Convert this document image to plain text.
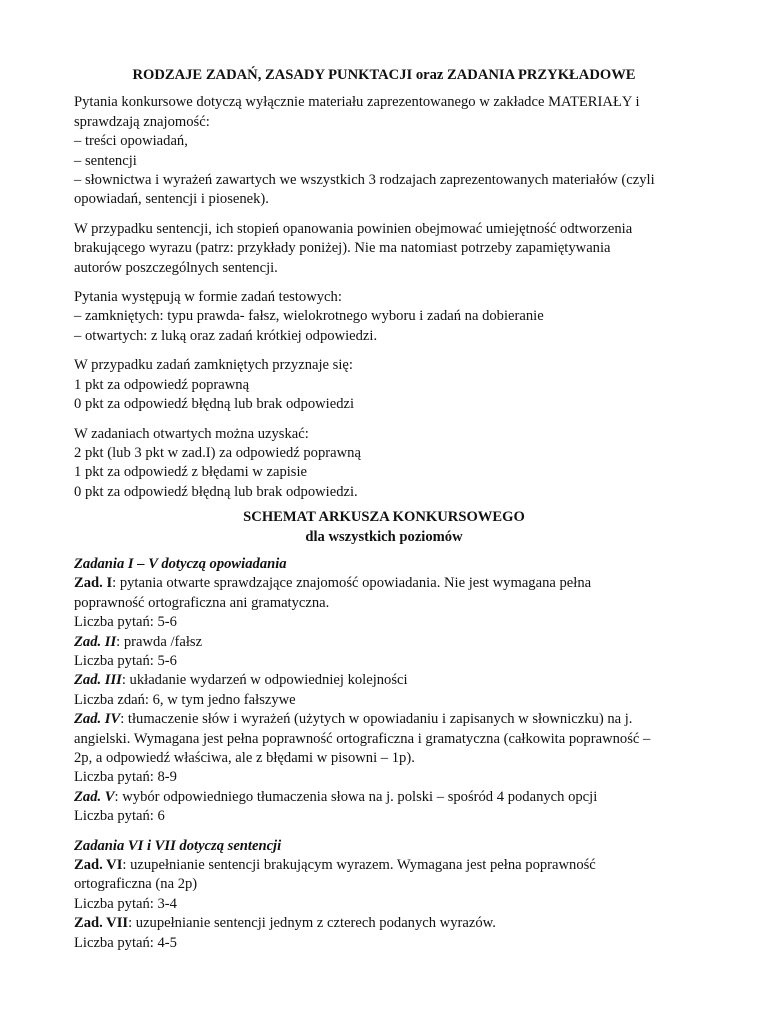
RODZAJE ZADAŃ, ZASADY PUNKTACJI oraz ZADANIA PRZYKŁADOWE
Pytania konkursowe dotyczą wyłącznie materiału zaprezentowanego w zakładce MATERIAŁY i
sprawdzają znajomość:
– treści opowiadań,
– sentencji
– słownictwa i wyrażeń zawartych we wszystkich 3 rodzajach zaprezentowanych materiałów (czyli
opowiadań, sentencji i piosenek).
W przypadku sentencji, ich stopień opanowania powinien obejmować umiejętność odtworzenia
brakującego wyrazu (patrz: przykłady poniżej). Nie ma natomiast potrzeby zapamiętywania
autorów poszczególnych sentencji.
Pytania występują w formie zadań testowych:
– zamkniętych: typu prawda- fałsz, wielokrotnego wyboru i zadań na dobieranie
– otwartych: z luką oraz zadań krótkiej odpowiedzi.
W przypadku zadań zamkniętych przyznaje się:
1 pkt za odpowiedź poprawną
0 pkt za odpowiedź błędną lub brak odpowiedzi
W zadaniach otwartych można uzyskać:
2 pkt (lub 3 pkt w zad.I) za odpowiedź poprawną
1 pkt za odpowiedź z błędami w zapisie
0 pkt za odpowiedź błędną lub brak odpowiedzi.
SCHEMAT ARKUSZA KONKURSOWEGO
dla wszystkich poziomów
Zadania I – V dotyczą opowiadania
Zad. I: pytania otwarte sprawdzające znajomość opowiadania. Nie jest wymagana pełna
poprawność ortograficzna ani gramatyczna.
Liczba pytań: 5-6
Zad. II: prawda /fałsz
Liczba pytań: 5-6
Zad. III: układanie wydarzeń w odpowiedniej kolejności
Liczba zdań: 6, w tym jedno fałszywe
Zad. IV: tłumaczenie słów i wyrażeń (użytych w opowiadaniu i zapisanych w słowniczku) na j.
angielski. Wymagana jest pełna poprawność ortograficzna i gramatyczna (całkowita poprawność –
2p, a odpowiedź właściwa, ale z błędami w pisowni – 1p).
Liczba pytań: 8-9
Zad. V: wybór odpowiedniego tłumaczenia słowa na j. polski – spośród 4 podanych opcji
Liczba pytań: 6
Zadania VI i VII dotyczą sentencji
Zad. VI: uzupełnianie sentencji brakującym wyrazem. Wymagana jest pełna poprawność
ortograficzna (na 2p)
Liczba pytań: 3-4
Zad. VII: uzupełnianie sentencji jednym z czterech podanych wyrazów.
Liczba pytań: 4-5
